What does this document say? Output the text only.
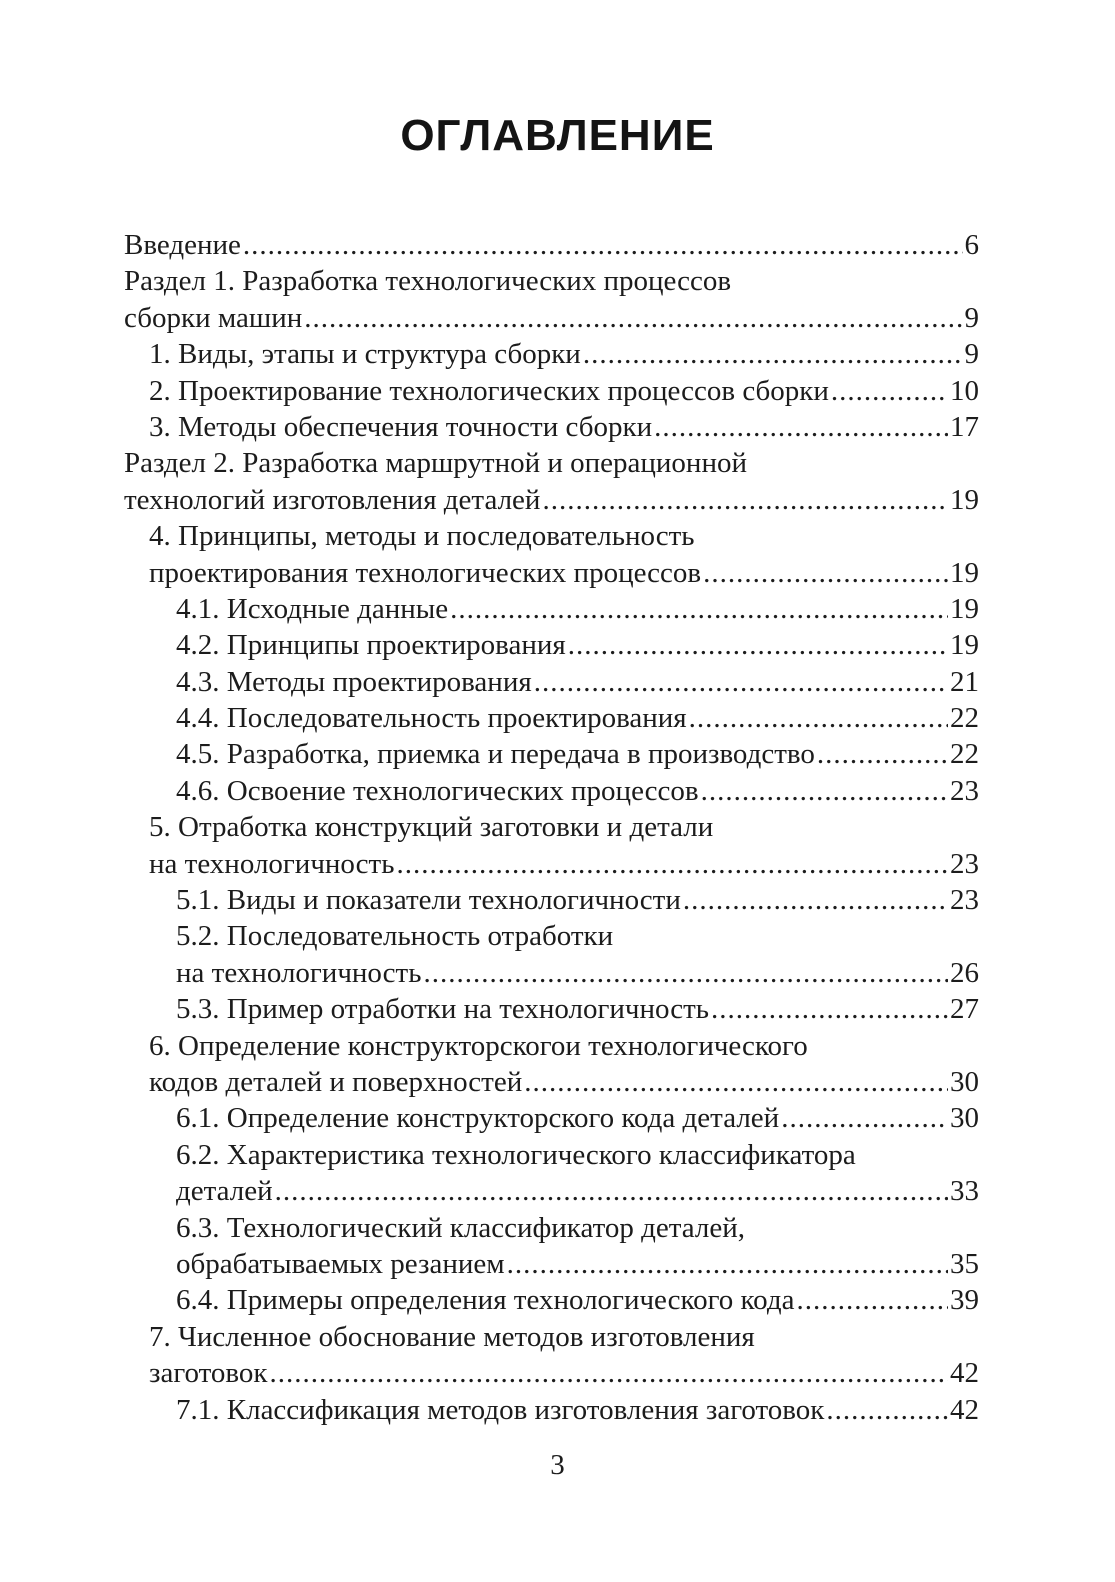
ОГЛАВЛЕНИЕ
Введение .....	6
Раздел 1. Разработка технологических процессов
сборки машин .....	9
1. Виды, этапы и структура сборки .....	9
2. Проектирование технологических процессов сборки .....	10
3. Методы обеспечения точности сборки .....	17
Раздел 2. Разработка маршрутной и операционной
технологий изготовления деталей .....	19
4. Принципы, методы и последовательность
проектирования технологических процессов .....	19
4.1. Исходные данные .....	19
4.2. Принципы проектирования .....	19
4.3. Методы проектирования .....	21
4.4. Последовательность проектирования .....	22
4.5. Разработка, приемка и передача в производство .....	22
4.6. Освоение технологических процессов .....	23
5. Отработка конструкций заготовки и детали
на технологичность .....	23
5.1. Виды и показатели технологичности .....	23
5.2. Последовательность отработки
на технологичность .....	26
5.3. Пример отработки на технологичность .....	27
6. Определение конструкторскогои технологического
кодов деталей и поверхностей .....	30
6.1. Определение конструкторского кода деталей .....	30
6.2. Характеристика технологического классификатора
деталей .....	33
6.3. Технологический классификатор деталей,
обрабатываемых резанием .....	35
6.4. Примеры определения технологического кода .....	39
7. Численное обоснование методов изготовления
заготовок .....	42
7.1. Классификация методов изготовления заготовок .....	42
3
